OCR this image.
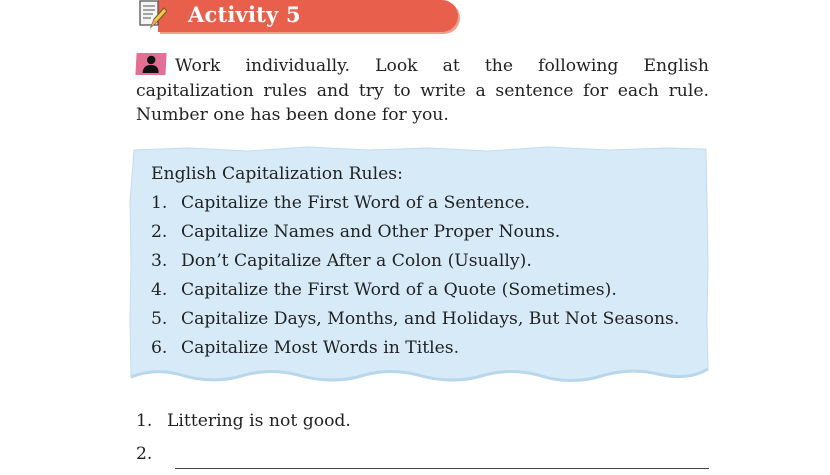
Activity 5
Work individually. Look at the following English capitalization rules and try to write a sentence for each rule. Number one has been done for you.
English Capitalization Rules:
1. Capitalize the First Word of a Sentence.
2. Capitalize Names and Other Proper Nouns.
3. Don’t Capitalize After a Colon (Usually).
4. Capitalize the First Word of a Quote (Sometimes).
5. Capitalize Days, Months, and Holidays, But Not Seasons.
6. Capitalize Most Words in Titles.
1. Littering is not good.
2.
